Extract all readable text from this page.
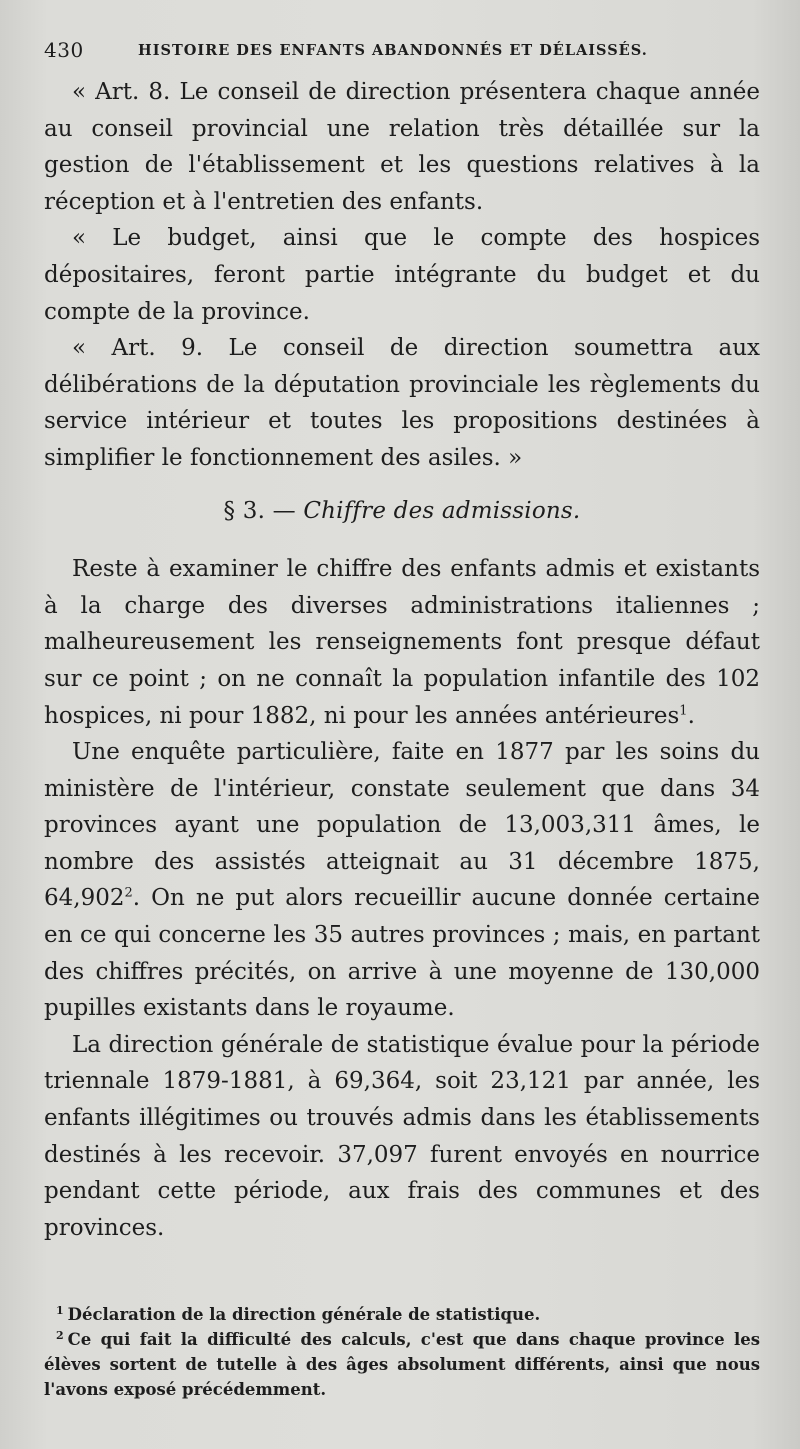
430	HISTOIRE DES ENFANTS ABANDONNÉS ET DÉLAISSÉS.

« Art. 8. Le conseil de direction présentera chaque année au conseil provincial une relation très détaillée sur la gestion de l'établissement et les questions relatives à la réception et à l'entretien des enfants.

« Le budget, ainsi que le compte des hospices dépositaires, feront partie intégrante du budget et du compte de la province.

« Art. 9. Le conseil de direction soumettra aux délibérations de la députation provinciale les règlements du service intérieur et toutes les propositions destinées à simplifier le fonctionnement des asiles. »

§ 3. — Chiffre des admissions.

Reste à examiner le chiffre des enfants admis et existants à la charge des diverses administrations italiennes ; malheureusement les renseignements font presque défaut sur ce point ; on ne connaît la population infantile des 102 hospices, ni pour 1882, ni pour les années antérieures$^1$.

Une enquête particulière, faite en 1877 par les soins du ministère de l'intérieur, constate seulement que dans 34 provinces ayant une population de 13,003,311 âmes, le nombre des assistés atteignait au 31 décembre 1875, 64,902$^2$. On ne put alors recueillir aucune donnée certaine en ce qui concerne les 35 autres provinces ; mais, en partant des chiffres précités, on arrive à une moyenne de 130,000 pupilles existants dans le royaume.

La direction générale de statistique évalue pour la période triennale 1879-1881, à 69,364, soit 23,121 par année, les enfants illégitimes ou trouvés admis dans les établissements destinés à les recevoir. 37,097 furent envoyés en nourrice pendant cette période, aux frais des communes et des provinces.

$^1$ Déclaration de la direction générale de statistique.

$^2$ Ce qui fait la difficulté des calculs, c'est que dans chaque province les élèves sortent de tutelle à des âges absolument différents, ainsi que nous l'avons exposé précédemment.
